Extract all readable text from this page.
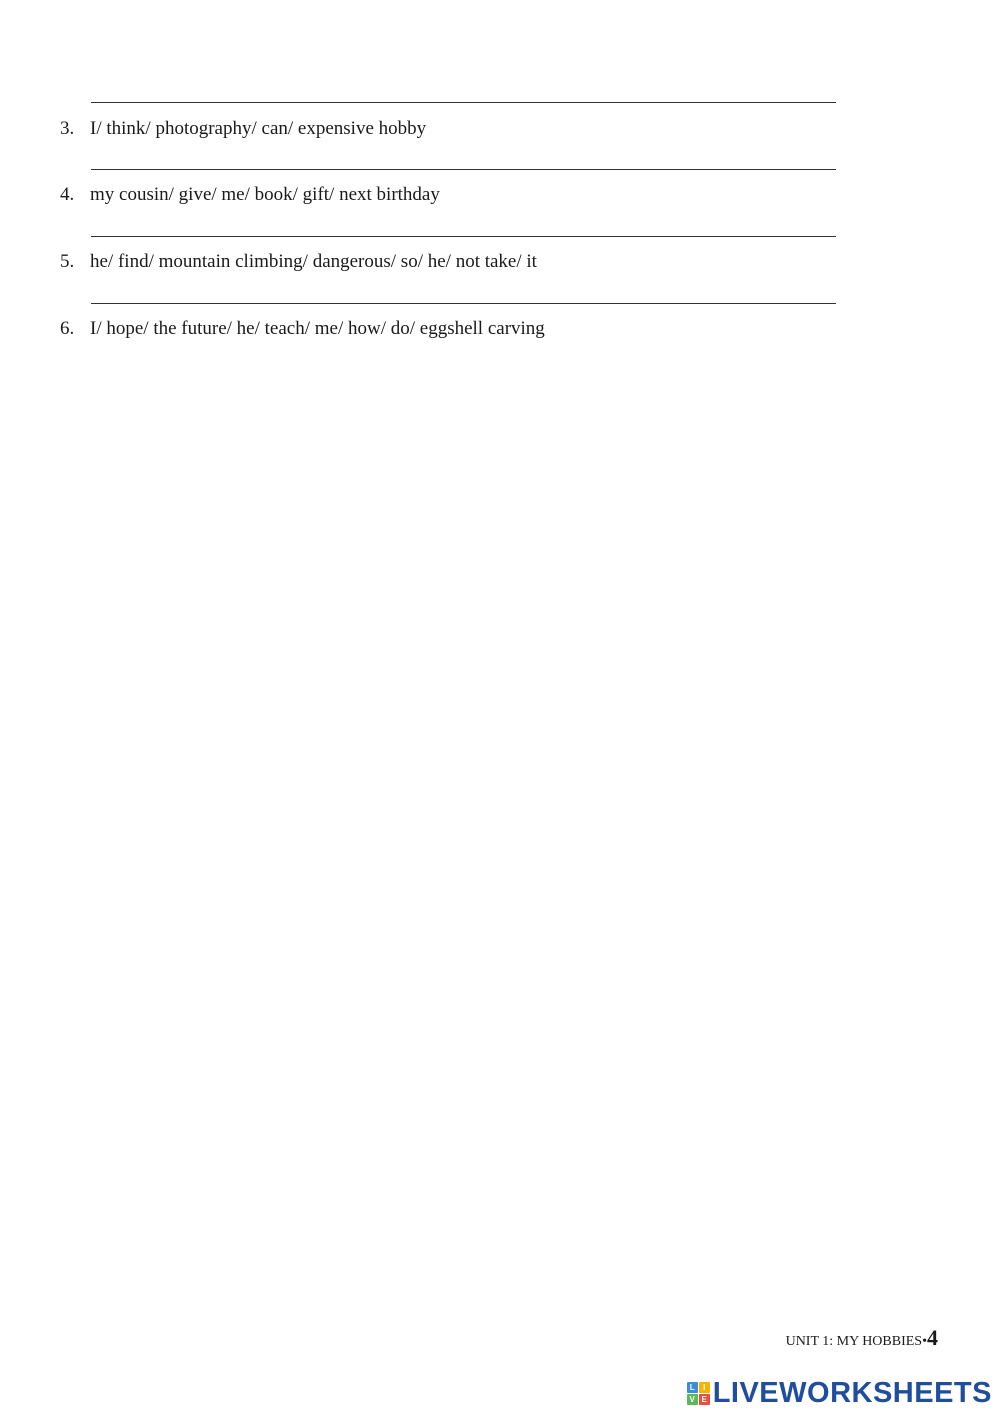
3. I/ think/ photography/ can/ expensive hobby
4. my cousin/ give/ me/ book/ gift/ next birthday
5. he/ find/ mountain climbing/ dangerous/ so/ he/ not take/ it
6. I/ hope/ the future/ he/ teach/ me/ how/ do/ eggshell carving
UNIT 1: MY HOBBIES•4
L	I
V E LIVEWORKSHEETS
